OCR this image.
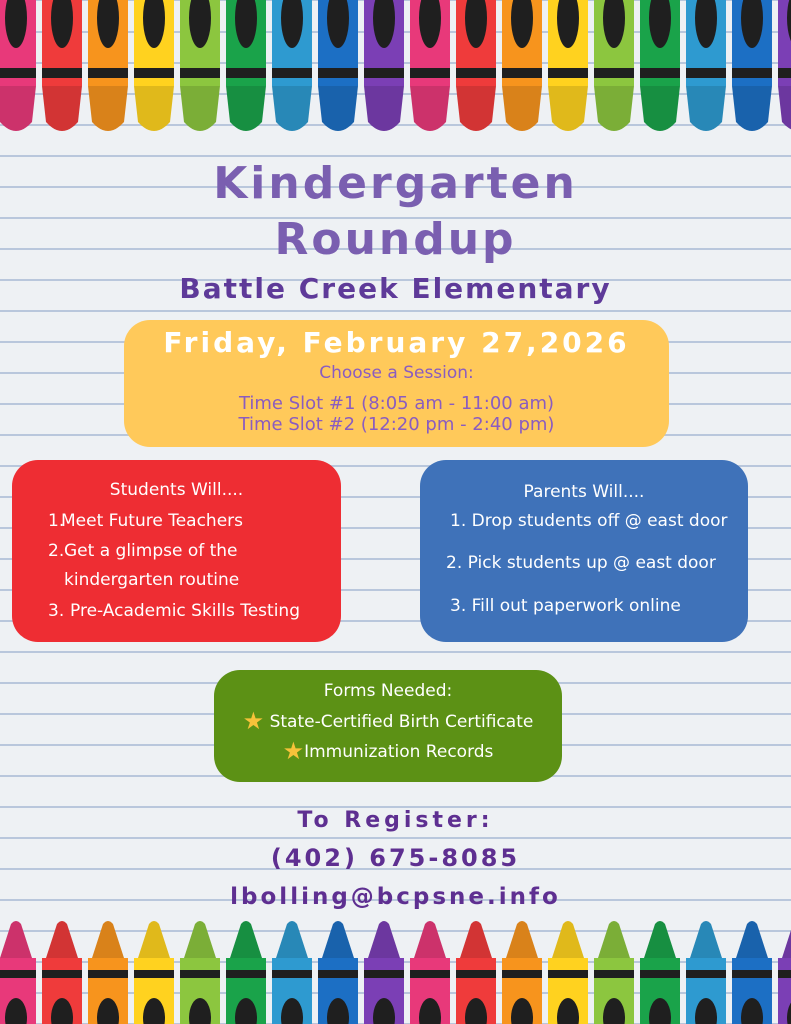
Kindergarten
Roundup
Battle Creek Elementary
Friday, February 27,2026
Choose a Session:
Time Slot #1 (8:05 am - 11:00 am)
Time Slot #2 (12:20 pm - 2:40 pm)
Students Will....
1.
Meet Future Teachers
2. Get a glimpse of the
kindergarten routine
3. Pre-Academic Skills Testing
Parents Will....
1. Drop students off @ east door
2. Pick students up @ east door
3. Fill out paperwork online
Forms Needed:
★ State-Certified Birth Certificate
★Immunization Records
To Register:
(402) 675-8085
lbolling@bcpsne.info
